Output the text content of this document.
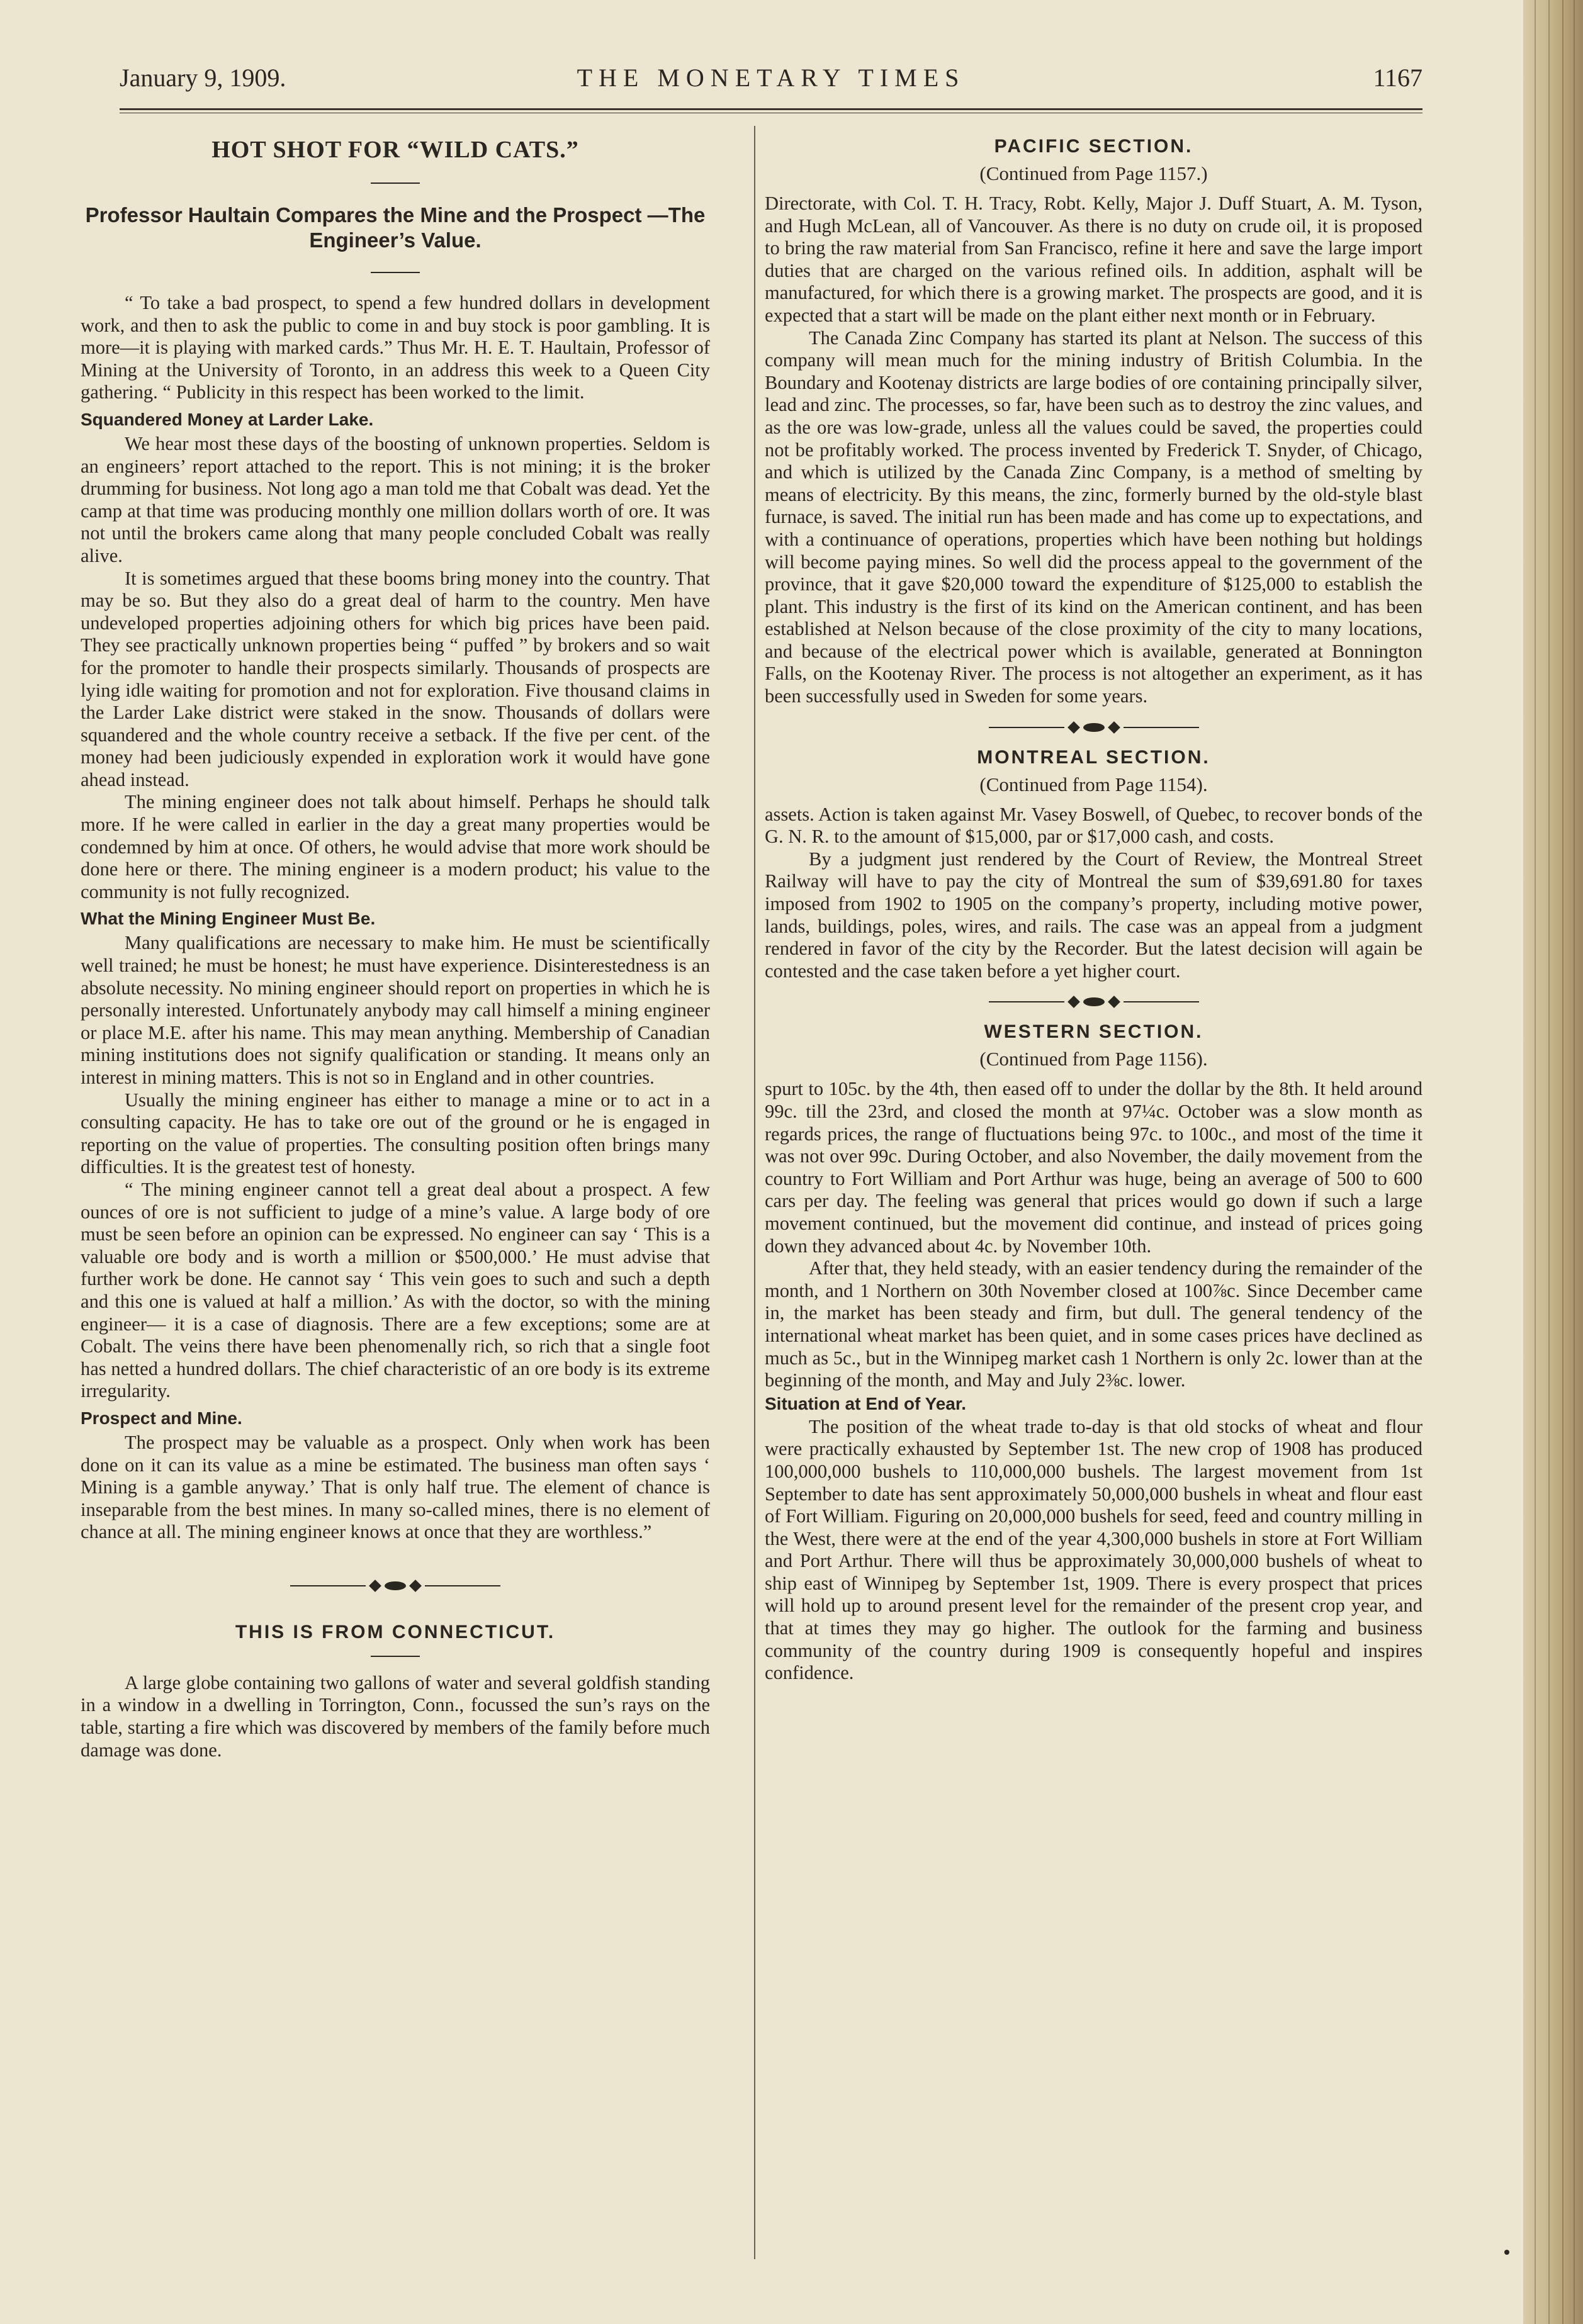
January 9, 1909.	THE MONETARY TIMES	1167
HOT SHOT FOR “WILD CATS.”
Professor Haultain Compares the Mine and the Prospect —The Engineer’s Value.

“ To take a bad prospect, to spend a few hundred dollars in development work, and then to ask the public to come in and buy stock is poor gambling. It is more—it is playing with marked cards.” Thus Mr. H. E. T. Haultain, Professor of Mining at the University of Toronto, in an address this week to a Queen City gathering. “ Publicity in this respect has been worked to the limit.

Squandered Money at Larder Lake.

We hear most these days of the boosting of unknown properties. Seldom is an engineers’ report attached to the report. This is not mining; it is the broker drumming for business. Not long ago a man told me that Cobalt was dead. Yet the camp at that time was producing monthly one million dollars worth of ore. It was not until the brokers came along that many people concluded Cobalt was really alive.

It is sometimes argued that these booms bring money into the country. That may be so. But they also do a great deal of harm to the country. Men have undeveloped properties adjoining others for which big prices have been paid. They see practically unknown properties being “ puffed ” by brokers and so wait for the promoter to handle their prospects similarly. Thousands of prospects are lying idle waiting for promotion and not for exploration. Five thousand claims in the Larder Lake district were staked in the snow. Thousands of dollars were squandered and the whole country receive a setback. If the five per cent. of the money had been judiciously expended in exploration work it would have gone ahead instead.

The mining engineer does not talk about himself. Perhaps he should talk more. If he were called in earlier in the day a great many properties would be condemned by him at once. Of others, he would advise that more work should be done here or there. The mining engineer is a modern product; his value to the community is not fully recognized.

What the Mining Engineer Must Be.

Many qualifications are necessary to make him. He must be scientifically well trained; he must be honest; he must have experience. Disinterestedness is an absolute necessity. No mining engineer should report on properties in which he is personally interested. Unfortunately anybody may call himself a mining engineer or place M.E. after his name. This may mean anything. Membership of Canadian mining institutions does not signify qualification or standing. It means only an interest in mining matters. This is not so in England and in other countries.

Usually the mining engineer has either to manage a mine or to act in a consulting capacity. He has to take ore out of the ground or he is engaged in reporting on the value of properties. The consulting position often brings many difficulties. It is the greatest test of honesty.

“ The mining engineer cannot tell a great deal about a prospect. A few ounces of ore is not sufficient to judge of a mine’s value. A large body of ore must be seen before an opinion can be expressed. No engineer can say ‘ This is a valuable ore body and is worth a million or $500,000.’ He must advise that further work be done. He cannot say ‘ This vein goes to such and such a depth and this one is valued at half a million.’ As with the doctor, so with the mining engineer— it is a case of diagnosis. There are a few exceptions; some are at Cobalt. The veins there have been phenomenally rich, so rich that a single foot has netted a hundred dollars. The chief characteristic of an ore body is its extreme irregularity.

Prospect and Mine.

The prospect may be valuable as a prospect. Only when work has been done on it can its value as a mine be estimated. The business man often says ‘ Mining is a gamble anyway.’ That is only half true. The element of chance is inseparable from the best mines. In many so-called mines, there is no element of chance at all. The mining engineer knows at once that they are worthless.”

THIS IS FROM CONNECTICUT.

A large globe containing two gallons of water and several goldfish standing in a window in a dwelling in Torrington, Conn., focussed the sun’s rays on the table, starting a fire which was discovered by members of the family before much damage was done.

PACIFIC SECTION.
(Continued from Page 1157.)

Directorate, with Col. T. H. Tracy, Robt. Kelly, Major J. Duff Stuart, A. M. Tyson, and Hugh McLean, all of Vancouver. As there is no duty on crude oil, it is proposed to bring the raw material from San Francisco, refine it here and save the large import duties that are charged on the various refined oils. In addition, asphalt will be manufactured, for which there is a growing market. The prospects are good, and it is expected that a start will be made on the plant either next month or in February.

The Canada Zinc Company has started its plant at Nelson. The success of this company will mean much for the mining industry of British Columbia. In the Boundary and Kootenay districts are large bodies of ore containing principally silver, lead and zinc. The processes, so far, have been such as to destroy the zinc values, and as the ore was low-grade, unless all the values could be saved, the properties could not be profitably worked. The process invented by Frederick T. Snyder, of Chicago, and which is utilized by the Canada Zinc Company, is a method of smelting by means of electricity. By this means, the zinc, formerly burned by the old-style blast furnace, is saved. The initial run has been made and has come up to expectations, and with a continuance of operations, properties which have been nothing but holdings will become paying mines. So well did the process appeal to the government of the province, that it gave $20,000 toward the expenditure of $125,000 to establish the plant. This industry is the first of its kind on the American continent, and has been established at Nelson because of the close proximity of the city to many locations, and because of the electrical power which is available, generated at Bonnington Falls, on the Kootenay River. The process is not altogether an experiment, as it has been successfully used in Sweden for some years.

MONTREAL SECTION.
(Continued from Page 1154).

assets. Action is taken against Mr. Vasey Boswell, of Quebec, to recover bonds of the G. N. R. to the amount of $15,000, par or $17,000 cash, and costs.

By a judgment just rendered by the Court of Review, the Montreal Street Railway will have to pay the city of Montreal the sum of $39,691.80 for taxes imposed from 1902 to 1905 on the company’s property, including motive power, lands, buildings, poles, wires, and rails. The case was an appeal from a judgment rendered in favor of the city by the Recorder. But the latest decision will again be contested and the case taken before a yet higher court.

WESTERN SECTION.
(Continued from Page 1156).

spurt to 105c. by the 4th, then eased off to under the dollar by the 8th. It held around 99c. till the 23rd, and closed the month at 97¼c. October was a slow month as regards prices, the range of fluctuations being 97c. to 100c., and most of the time it was not over 99c. During October, and also November, the daily movement from the country to Fort William and Port Arthur was huge, being an average of 500 to 600 cars per day. The feeling was general that prices would go down if such a large movement continued, but the movement did continue, and instead of prices going down they advanced about 4c. by November 10th.

After that, they held steady, with an easier tendency during the remainder of the month, and 1 Northern on 30th November closed at 100⅞c. Since December came in, the market has been steady and firm, but dull. The general tendency of the international wheat market has been quiet, and in some cases prices have declined as much as 5c., but in the Winnipeg market cash 1 Northern is only 2c. lower than at the beginning of the month, and May and July 2⅜c. lower.

Situation at End of Year.

The position of the wheat trade to-day is that old stocks of wheat and flour were practically exhausted by September 1st. The new crop of 1908 has produced 100,000,000 bushels to 110,000,000 bushels. The largest movement from 1st September to date has sent approximately 50,000,000 bushels in wheat and flour east of Fort William. Figuring on 20,000,000 bushels for seed, feed and country milling in the West, there were at the end of the year 4,300,000 bushels in store at Fort William and Port Arthur. There will thus be approximately 30,000,000 bushels of wheat to ship east of Winnipeg by September 1st, 1909. There is every prospect that prices will hold up to around present level for the remainder of the present crop year, and that at times they may go higher. The outlook for the farming and business community of the country during 1909 is consequently hopeful and inspires confidence.
